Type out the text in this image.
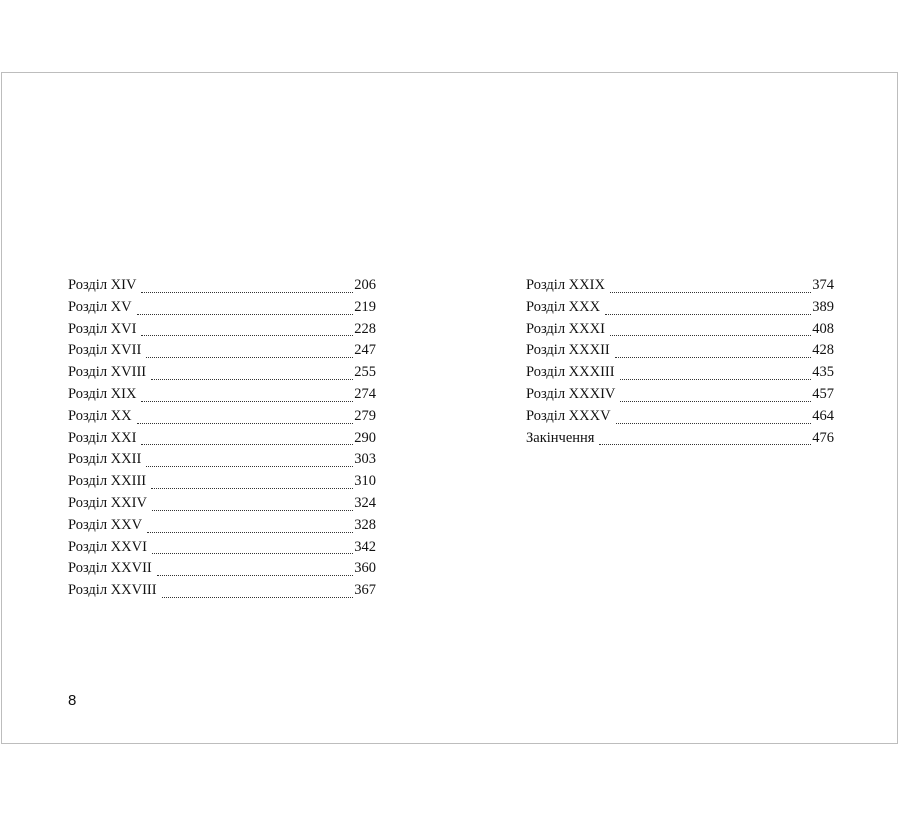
Розділ XIV	206
Розділ XV	219
Розділ XVI	228
Розділ XVII	247
Розділ XVIII	255
Розділ XIX	274
Розділ XX	279
Розділ XXI	290
Розділ XXII	303
Розділ XXIII	310
Розділ XXIV	324
Розділ XXV	328
Розділ XXVI	342
Розділ XXVII	360
Розділ XXVIII	367
Розділ XXIX	374
Розділ XXX	389
Розділ XXXI	408
Розділ XXXII	428
Розділ XXXIII	435
Розділ XXXIV	457
Розділ XXXV	464
Закінчення	476
8
